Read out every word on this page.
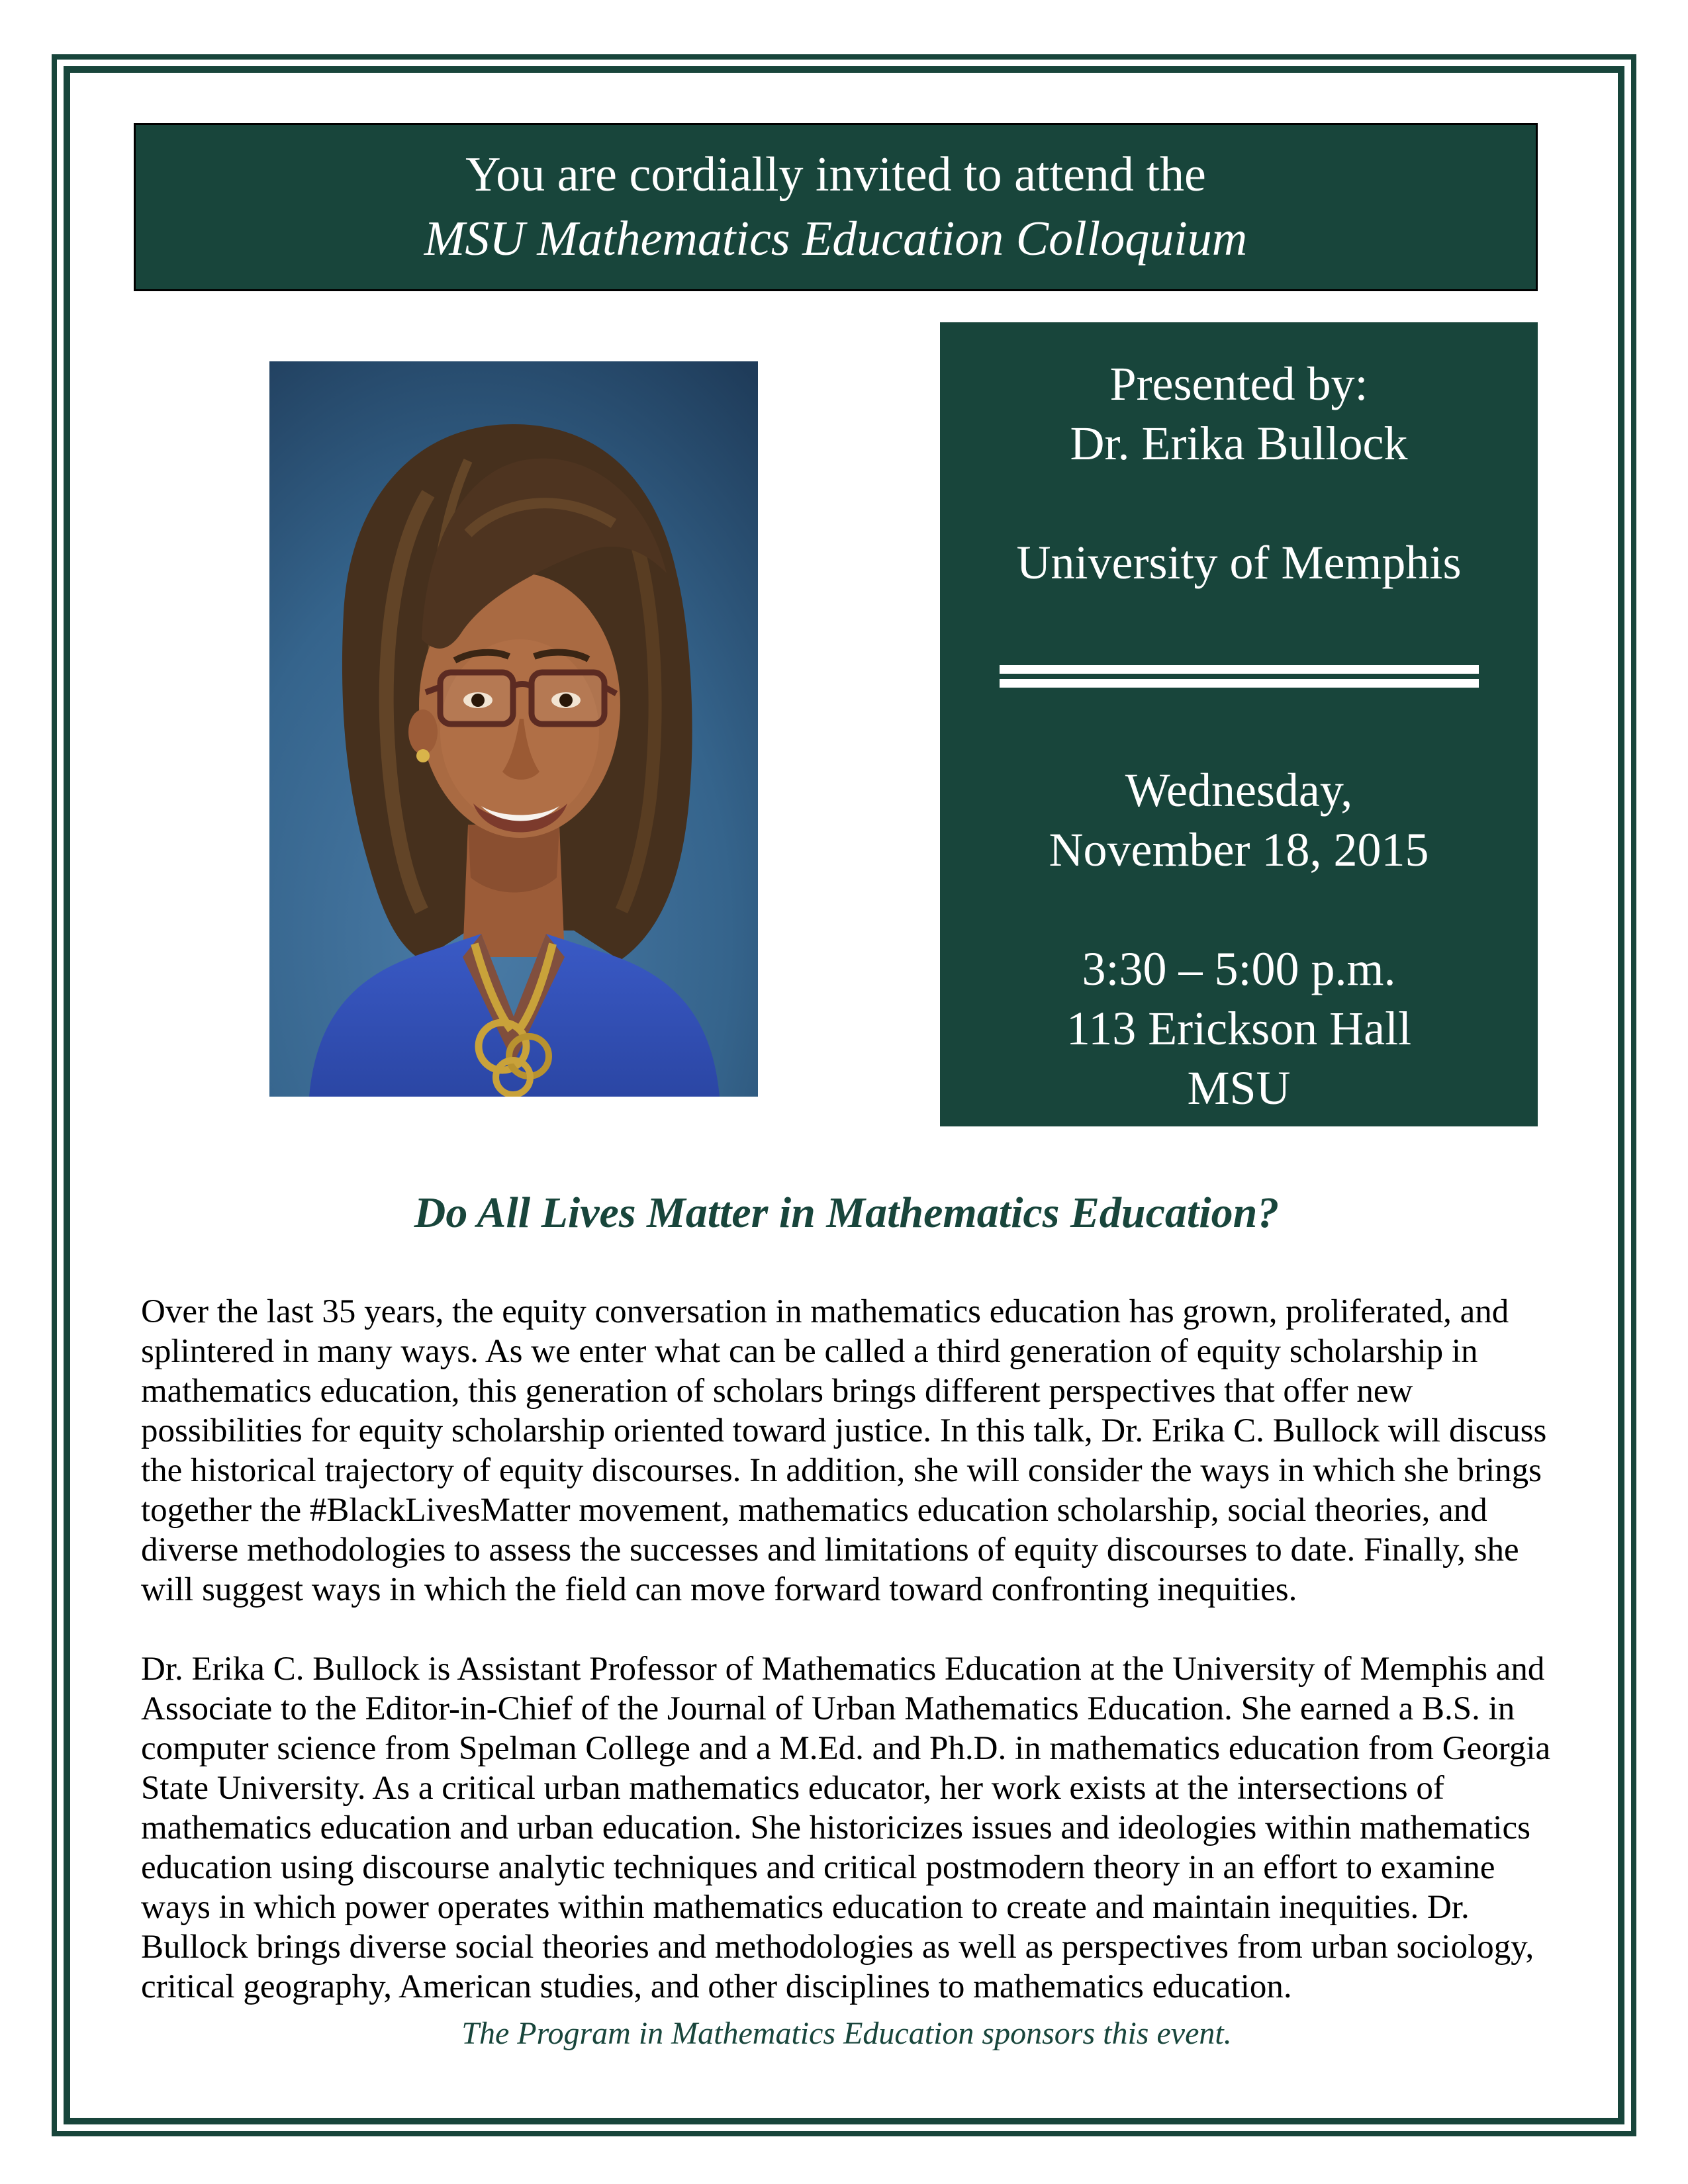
You are cordially invited to attend the
MSU Mathematics Education Colloquium
Presented by:
Dr. Erika Bullock
University of Memphis
Wednesday,
November 18, 2015
3:30 – 5:00 p.m.
113 Erickson Hall
MSU
Do All Lives Matter in Mathematics Education?

Over the last 35 years, the equity conversation in mathematics education has grown, proliferated, and splintered in many ways. As we enter what can be called a third generation of equity scholarship in mathematics education, this generation of scholars brings different perspectives that offer new possibilities for equity scholarship oriented toward justice. In this talk, Dr. Erika C. Bullock will discuss the historical trajectory of equity discourses. In addition, she will consider the ways in which she brings together the #BlackLivesMatter movement, mathematics education scholarship, social theories, and diverse methodologies to assess the successes and limitations of equity discourses to date. Finally, she will suggest ways in which the field can move forward toward confronting inequities.

Dr. Erika C. Bullock is Assistant Professor of Mathematics Education at the University of Memphis and Associate to the Editor-in-Chief of the Journal of Urban Mathematics Education. She earned a B.S. in computer science from Spelman College and a M.Ed. and Ph.D. in mathematics education from Georgia State University. As a critical urban mathematics educator, her work exists at the intersections of mathematics education and urban education. She historicizes issues and ideologies within mathematics education using discourse analytic techniques and critical postmodern theory in an effort to examine ways in which power operates within mathematics education to create and maintain inequities. Dr. Bullock brings diverse social theories and methodologies as well as perspectives from urban sociology, critical geography, American studies, and other disciplines to mathematics education.

The Program in Mathematics Education sponsors this event.
